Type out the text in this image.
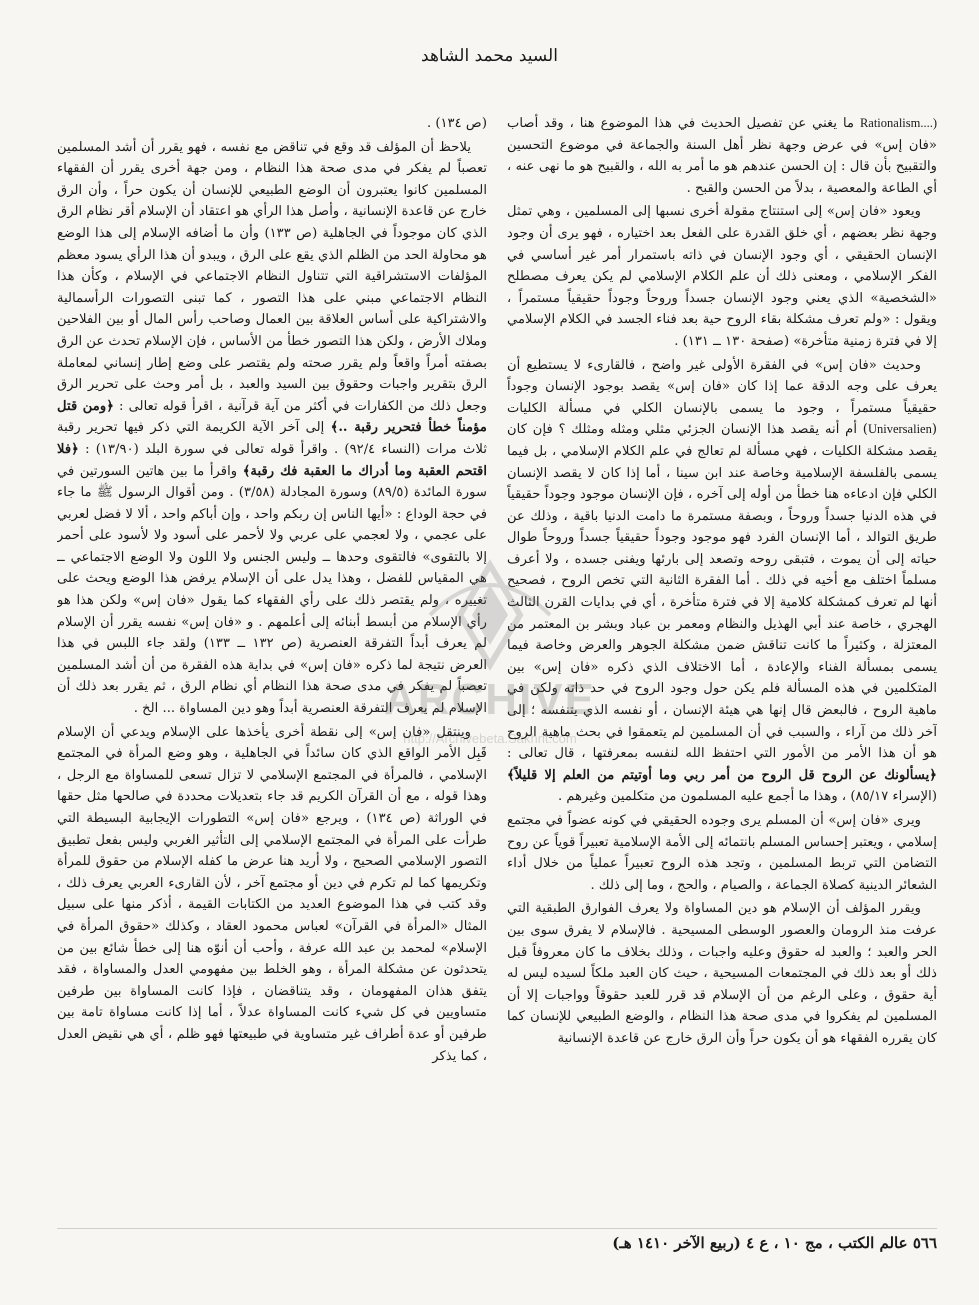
السيد محمد الشاهد

Rationalism....) ما يغني عن تفصيل الحديث في هذا الموضوع هنا ، وقد أصاب «فان إس» في عرض وجهة نظر أهل السنة والجماعة في موضوع التحسين والتقبيح بأن قال : إن الحسن عندهم هو ما أمر به الله ، والقبيح هو ما نهى عنه ، أي الطاعة والمعصية ، بدلاً من الحسن والقبح .

ويعود «فان إس» إلى استنتاج مقولة أخرى نسبها إلى المسلمين ، وهي تمثل وجهة نظر بعضهم ، أي خلق القدرة على الفعل بعد اختياره ، فهو يرى أن وجود الإنسان الحقيقي ، أي وجود الإنسان في ذاته باستمرار أمر غير أساسي في الفكر الإسلامي ، ومعنى ذلك أن علم الكلام الإسلامي لم يكن يعرف مصطلح «الشخصية» الذي يعني وجود الإنسان جسداً وروحاً وجوداً حقيقياً مستمراً ، ويقول : «ولم تعرف مشكلة بقاء الروح حية بعد فناء الجسد في الكلام الإسلامي إلا في فترة زمنية متأخرة» (صفحة ١٣٠ ــ ١٣١) .

وحديث «فان إس» في الفقرة الأولى غير واضح ، فالقارىء لا يستطيع أن يعرف على وجه الدقة عما إذا كان «فان إس» يقصد بوجود الإنسان وجوداً حقيقياً مستمراً ، وجود ما يسمى بالإنسان الكلي في مسألة الكليات (Universalien) أم أنه يقصد هذا الإنسان الجزئي مثلي ومثله ومثلك ؟ فإن كان يقصد مشكلة الكليات ، فهي مسألة لم تعالج في علم الكلام الإسلامي ، بل فيما يسمى بالفلسفة الإسلامية وخاصة عند ابن سينا ، أما إذا كان لا يقصد الإنسان الكلي فإن ادعاءه هنا خطأ من أوله إلى آخره ، فإن الإنسان موجود وجوداً حقيقياً في هذه الدنيا جسداً وروحاً ، وبصفة مستمرة ما دامت الدنيا باقية ، وذلك عن طريق التوالد ، أما الإنسان الفرد فهو موجود وجوداً حقيقياً جسداً وروحاً طوال حياته إلى أن يموت ، فتبقى روحه وتصعد إلى بارئها ويفنى جسده ، ولا أعرف مسلماً اختلف مع أخيه في ذلك . أما الفقرة الثانية التي تخص الروح ، فصحيح أنها لم تعرف كمشكلة كلامية إلا في فترة متأخرة ، أي في بدايات القرن الثالث الهجري ، خاصة عند أبي الهذيل والنظام ومعمر بن عباد وبشر بن المعتمر من المعتزلة ، وكثيراً ما كانت تناقش ضمن مشكلة الجوهر والعرض وخاصة فيما يسمى بمسألة الفناء والإعادة ، أما الاختلاف الذي ذكره «فان إس» بين المتكلمين في هذه المسألة فلم يكن حول وجود الروح في حد ذاته ولكن في ماهية الروح ، فالبعض قال إنها هي هيئة الإنسان ، أو نفسه الذي يتنفسه ؛ إلى آخر ذلك من آراء ، والسبب في أن المسلمين لم يتعمقوا في بحث ماهية الروح هو أن هذا الأمر من الأمور التي احتفظ الله لنفسه بمعرفتها ، قال تعالى : ﴿يسألونك عن الروح قل الروح من أمر ربي وما أوتيتم من العلم إلا قليلاً﴾ (الإسراء ٨٥/١٧) ، وهذا ما أجمع عليه المسلمون من متكلمين وغيرهم .

ويرى «فان إس» أن المسلم يرى وجوده الحقيقي في كونه عضواً في مجتمع إسلامي ، ويعتبر إحساس المسلم بانتمائه إلى الأمة الإسلامية تعبيراً قوياً عن روح التضامن التي تربط المسلمين ، وتجد هذه الروح تعبيراً عملياً من خلال أداء الشعائر الدينية كصلاة الجماعة ، والصيام ، والحج ، وما إلى ذلك .

ويقرر المؤلف أن الإسلام هو دين المساواة ولا يعرف الفوارق الطبقية التي عرفت منذ الرومان والعصور الوسطى المسيحية . فالإسلام لا يفرق سوى بين الحر والعبد ؛ والعبد له حقوق وعليه واجبات ، وذلك بخلاف ما كان معروفاً قبل ذلك أو بعد ذلك في المجتمعات المسيحية ، حيث كان العبد ملكاً لسيده ليس له أية حقوق ، وعلى الرغم من أن الإسلام قد قرر للعبد حقوقاً وواجبات إلا أن المسلمين لم يفكروا في مدى صحة هذا النظام ، والوضع الطبيعي للإنسان كما كان يقرره الفقهاء هو أن يكون حراً وأن الرق خارج عن قاعدة الإنسانية

(ص ١٣٤) .

يلاحظ أن المؤلف قد وقع في تناقض مع نفسه ، فهو يقرر أن أشد المسلمين تعصباً لم يفكر في مدى صحة هذا النظام ، ومن جهة أخرى يقرر أن الفقهاء المسلمين كانوا يعتبرون أن الوضع الطبيعي للإنسان أن يكون حراً ، وأن الرق خارج عن قاعدة الإنسانية ، وأصل هذا الرأي هو اعتقاد أن الإسلام أقر نظام الرق الذي كان موجوداً في الجاهلية (ص ١٣٣) وأن ما أضافه الإسلام إلى هذا الوضع هو محاولة الحد من الظلم الذي يقع على الرق ، ويبدو أن هذا الرأي يسود معظم المؤلفات الاستشراقية التي تتناول النظام الاجتماعي في الإسلام ، وكأن هذا النظام الاجتماعي مبني على هذا التصور ، كما تبنى التصورات الرأسمالية والاشتراكية على أساس العلاقة بين العمال وصاحب رأس المال أو بين الفلاحين وملاك الأرض ، ولكن هذا التصور خطأ من الأساس ، فإن الإسلام تحدث عن الرق بصفته أمراً واقعاً ولم يقرر صحته ولم يقتصر على وضع إطار إنساني لمعاملة الرق بتقرير واجبات وحقوق بين السيد والعبد ، بل أمر وحث على تحرير الرق وجعل ذلك من الكفارات في أكثر من آية قرآنية ، اقرأ قوله تعالى : ﴿ومن قتل مؤمناً خطأ فتحرير رقبة ..﴾ إلى آخر الآية الكريمة التي ذكر فيها تحرير رقبة ثلاث مرات (النساء ٩٢/٤) . واقرأ قوله تعالى في سورة البلد (١٣/٩٠) : ﴿فلا اقتحم العقبة وما أدراك ما العقبة فك رقبة﴾ واقرأ ما بين هاتين السورتين في سورة المائدة (٨٩/٥) وسورة المجادلة (٣/٥٨) . ومن أقوال الرسول ﷺ ما جاء في حجة الوداع : «أيها الناس إن ربكم واحد ، وإن أباكم واحد ، ألا لا فضل لعربي على عجمي ، ولا لعجمي على عربي ولا لأحمر على أسود ولا لأسود على أحمر إلا بالتقوى» فالتقوى وحدها ــ وليس الجنس ولا اللون ولا الوضع الاجتماعي ــ هي المقياس للفضل ، وهذا يدل على أن الإسلام يرفض هذا الوضع ويحث على تغييره ، ولم يقتصر ذلك على رأي الفقهاء كما يقول «فان إس» ولكن هذا هو رأي الإسلام من أبسط أبنائه إلى أعلمهم . و «فان إس» نفسه يقرر أن الإسلام لم يعرف أبداً التفرقة العنصرية (ص ١٣٢ ــ ١٣٣) ولقد جاء اللبس في هذا العرض نتيجة لما ذكره «فان إس» في بداية هذه الفقرة من أن أشد المسلمين تعصباً لم يفكر في مدى صحة هذا النظام أي نظام الرق ، ثم يقرر بعد ذلك أن الإسلام لم يعرف التفرقة العنصرية أبداً وهو دين المساواة ... الخ .

وينتقل «فان إس» إلى نقطة أخرى يأخذها على الإسلام ويدعي أن الإسلام قَبِل الأمر الواقع الذي كان سائداً في الجاهلية ، وهو وضع المرأة في المجتمع الإسلامي ، فالمرأة في المجتمع الإسلامي لا تزال تسعى للمساواة مع الرجل ، وهذا قوله ، مع أن القرآن الكريم قد جاء بتعديلات محددة في صالحها مثل حقها في الوراثة (ص ١٣٤) ، ويرجع «فان إس» التطورات الإيجابية البسيطة التي طرأت على المرأة في المجتمع الإسلامي إلى التأثير الغربي وليس بفعل تطبيق التصور الإسلامي الصحيح ، ولا أريد هنا عرض ما كفله الإسلام من حقوق للمرأة وتكريمها كما لم تكرم في دين أو مجتمع آخر ، لأن القارىء العربي يعرف ذلك ، وقد كتب في هذا الموضوع العديد من الكتابات القيمة ، أذكر منها على سبيل المثال «المرأة في القرآن» لعباس محمود العقاد ، وكذلك «حقوق المرأة في الإسلام» لمحمد بن عبد الله عرفة ، وأحب أن أنوّه هنا إلى خطأ شائع بين من يتحدثون عن مشكلة المرأة ، وهو الخلط بين مفهومي العدل والمساواة ، فقد يتفق هذان المفهومان ، وقد يتناقضان ، فإذا كانت المساواة بين طرفين متساويين في كل شيء كانت المساواة عدلاً ، أما إذا كانت مساواة تامة بين طرفين أو عدة أطراف غير متساوية في طبيعتها فهو ظلم ، أي هي نقيض العدل ، كما يذكر

ARCHIVE
http://Archivebeta.Sakhrit.com
٥٦٦ عالم الكتب ، مج ١٠ ، ع ٤ (ربيع الآخر ١٤١٠ هـ)
